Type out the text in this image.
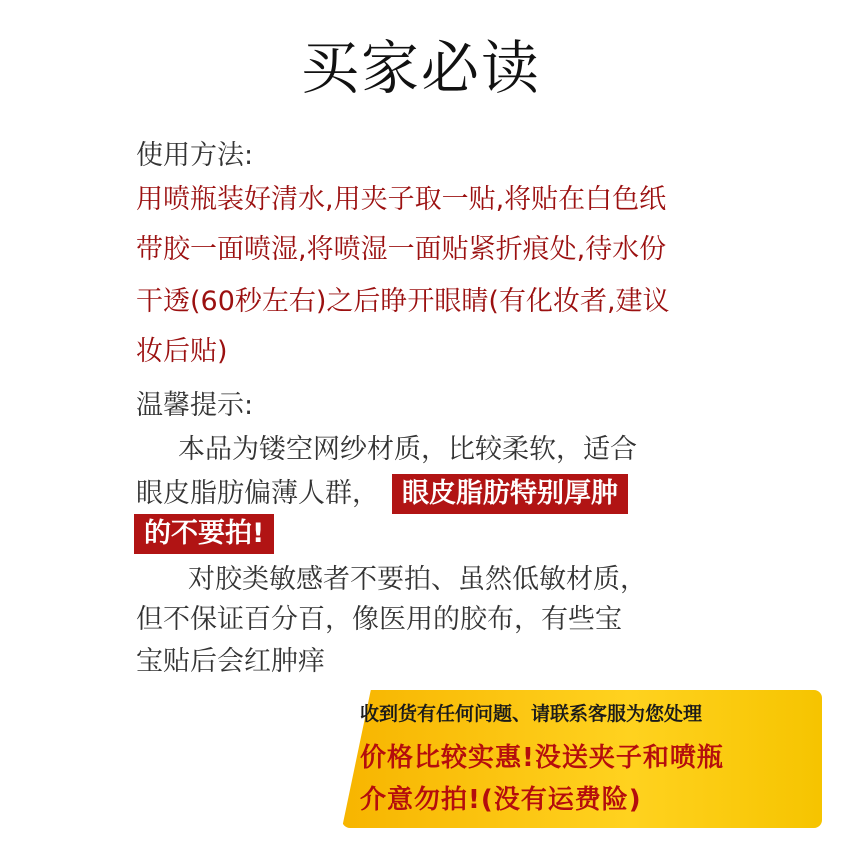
买家必读
使用方法:
用喷瓶装好清水,用夹子取一贴,将贴在白色纸
带胶一面喷湿,将喷湿一面贴紧折痕处,待水份
干透(60秒左右)之后睁开眼睛(有化妆者,建议
妆后贴)
温馨提示:
本品为镂空网纱材质，比较柔软，适合
眼皮脂肪偏薄人群， 眼皮脂肪特别厚肿
的不要拍!
对胶类敏感者不要拍、虽然低敏材质，
但不保证百分百，像医用的胶布，有些宝
宝贴后会红肿痒
收到货有任何问题、请联系客服为您处理
价格比较实惠!没送夹子和喷瓶
介意勿拍!(没有运费险)
